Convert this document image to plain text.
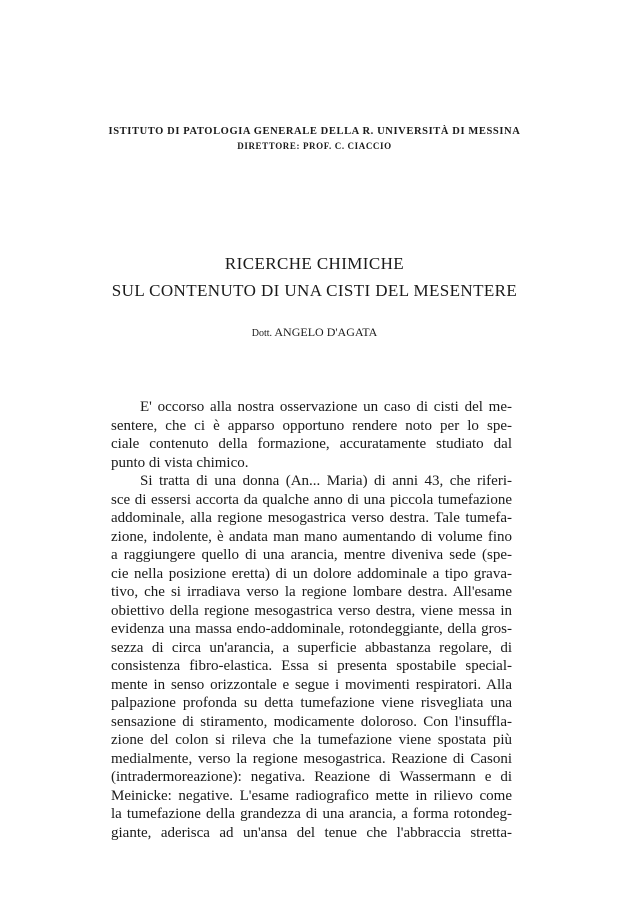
ISTITUTO DI PATOLOGIA GENERALE DELLA R. UNIVERSITÀ DI MESSINA

DIRETTORE: PROF. C. CIACCIO

RICERCHE CHIMICHE
SUL CONTENUTO DI UNA CISTI DEL MESENTERE

Dott. ANGELO D'AGATA

E' occorso alla nostra osservazione un caso di cisti del me-
sentere, che ci è apparso opportuno rendere noto per lo spe-
ciale contenuto della formazione, accuratamente studiato dal
punto di vista chimico.
Si tratta di una donna (An... Maria) di anni 43, che riferi-
sce di essersi accorta da qualche anno di una piccola tumefazione
addominale, alla regione mesogastrica verso destra. Tale tumefa-
zione, indolente, è andata man mano aumentando di volume fino
a raggiungere quello di una arancia, mentre diveniva sede (spe-
cie nella posizione eretta) di un dolore addominale a tipo grava-
tivo, che si irradiava verso la regione lombare destra. All'esame
obiettivo della regione mesogastrica verso destra, viene messa in
evidenza una massa endo-addominale, rotondeggiante, della gros-
sezza di circa un'arancia, a superficie abbastanza regolare, di
consistenza fibro-elastica. Essa si presenta spostabile special-
mente in senso orizzontale e segue i movimenti respiratori. Alla
palpazione profonda su detta tumefazione viene risvegliata una
sensazione di stiramento, modicamente doloroso. Con l'insuffla-
zione del colon si rileva che la tumefazione viene spostata più
medialmente, verso la regione mesogastrica. Reazione di Casoni
(intradermoreazione): negativa. Reazione di Wassermann e di
Meinicke: negative. L'esame radiografico mette in rilievo come
la tumefazione della grandezza di una arancia, a forma rotondeg-
giante, aderisca ad un'ansa del tenue che l'abbraccia stretta-
